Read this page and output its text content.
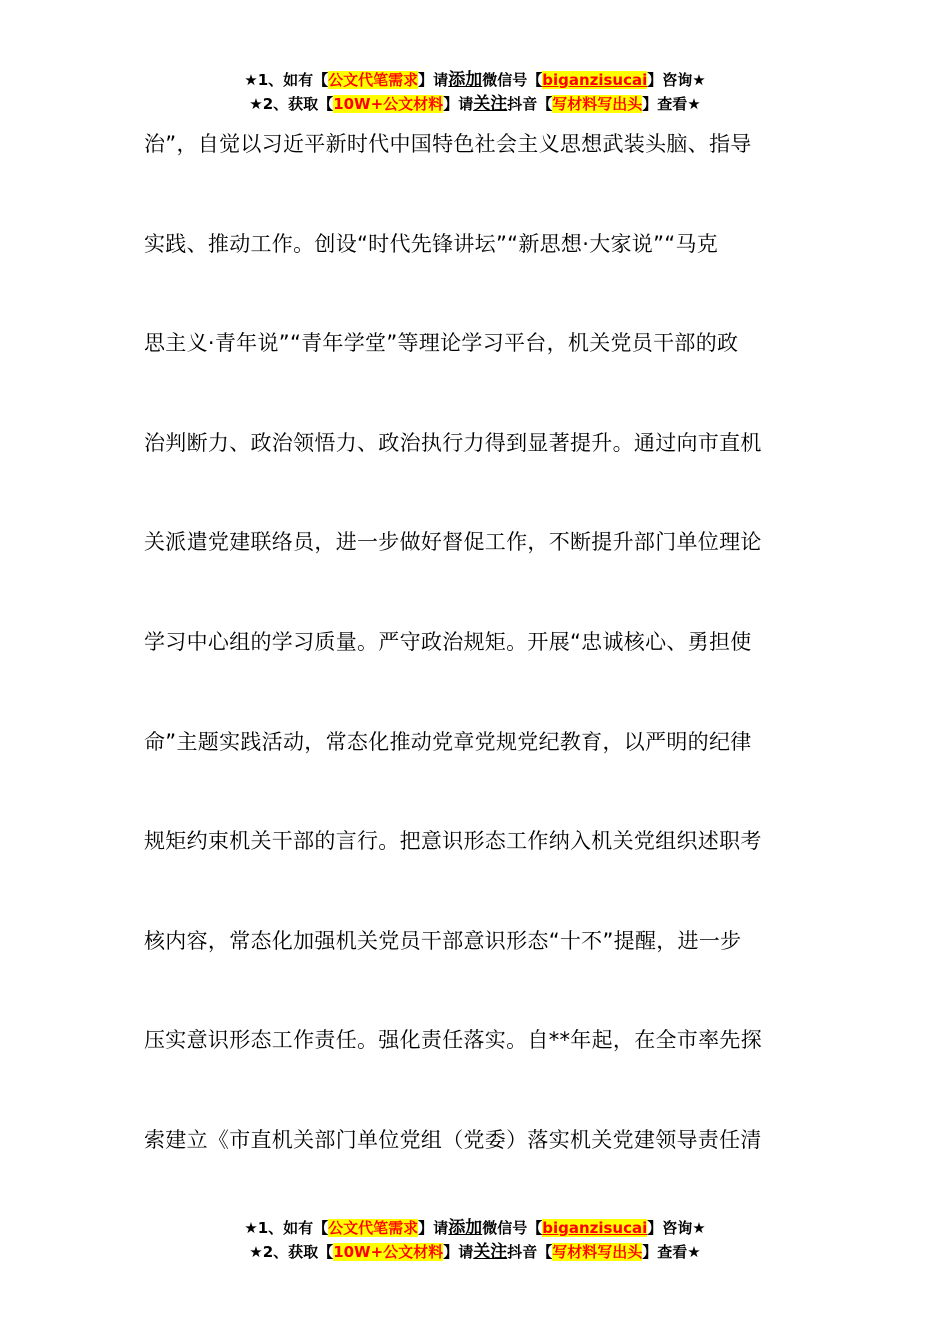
★1、如有【公文代笔需求】请添加微信号【biganzisucai】咨询★
★2、获取【10W+公文材料】请关注抖音【写材料写出头】查看★
治”，自觉以习近平新时代中国特色社会主义思想武装头脑、指导
实践、推动工作。创设“时代先锋讲坛”“新思想·大家说”“马克
思主义·青年说”“青年学堂”等理论学习平台，机关党员干部的政
治判断力、政治领悟力、政治执行力得到显著提升。通过向市直机
关派遣党建联络员，进一步做好督促工作，不断提升部门单位理论
学习中心组的学习质量。严守政治规矩。开展“忠诚核心、勇担使
命”主题实践活动，常态化推动党章党规党纪教育，以严明的纪律
规矩约束机关干部的言行。把意识形态工作纳入机关党组织述职考
核内容，常态化加强机关党员干部意识形态“十不”提醒，进一步
压实意识形态工作责任。强化责任落实。自**年起，在全市率先探
索建立《市直机关部门单位党组（党委）落实机关党建领导责任清
★1、如有【公文代笔需求】请添加微信号【biganzisucai】咨询★
★2、获取【10W+公文材料】请关注抖音【写材料写出头】查看★
